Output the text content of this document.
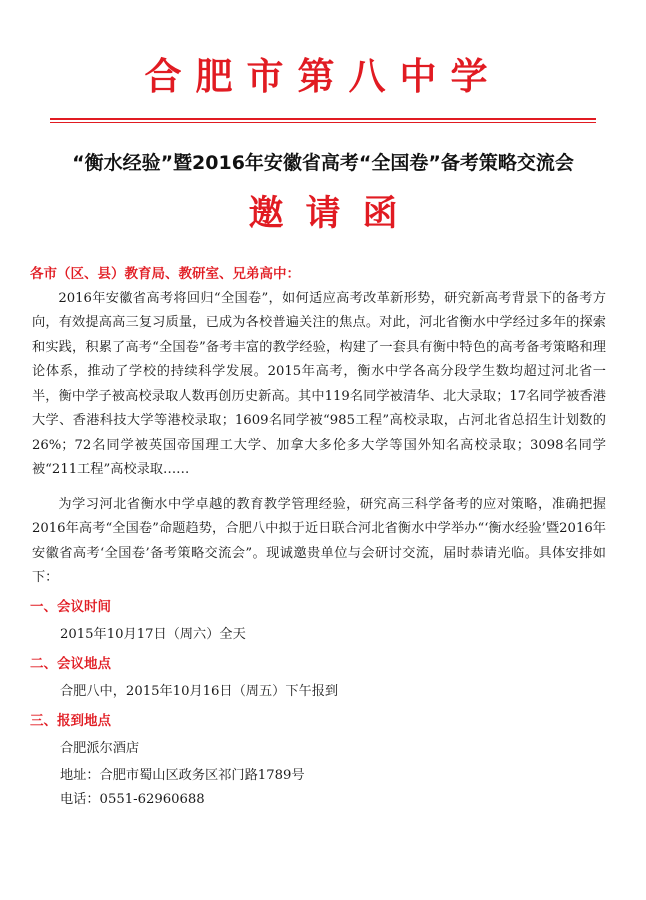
合肥市第八中学
“衡水经验”暨2016年安徽省高考“全国卷”备考策略交流会
邀请函
各市（区、县）教育局、教研室、兄弟高中：

2016年安徽省高考将回归“全国卷”，如何适应高考改革新形势，研究新高考背景下的备考方向，有效提高高三复习质量，已成为各校普遍关注的焦点。对此，河北省衡水中学经过多年的探索和实践，积累了高考“全国卷”备考丰富的教学经验，构建了一套具有衡中特色的高考备考策略和理论体系，推动了学校的持续科学发展。2015年高考，衡水中学各高分段学生数均超过河北省一半，衡中学子被高校录取人数再创历史新高。其中119名同学被清华、北大录取；17名同学被香港大学、香港科技大学等港校录取；1609名同学被“985工程”高校录取，占河北省总招生计划数的26%；72名同学被英国帝国理工大学、加拿大多伦多大学等国外知名高校录取；3098名同学被“211工程”高校录取……

为学习河北省衡水中学卓越的教育教学管理经验，研究高三科学备考的应对策略，准确把握2016年高考“全国卷”命题趋势，合肥八中拟于近日联合河北省衡水中学举办“‘衡水经验’暨2016年安徽省高考‘全国卷’备考策略交流会”。现诚邀贵单位与会研讨交流，届时恭请光临。具体安排如下：

一、会议时间
2015年10月17日（周六）全天
二、会议地点
合肥八中，2015年10月16日（周五）下午报到
三、报到地点
合肥派尔酒店
地址：合肥市蜀山区政务区祁门路1789号
电话：0551-62960688
